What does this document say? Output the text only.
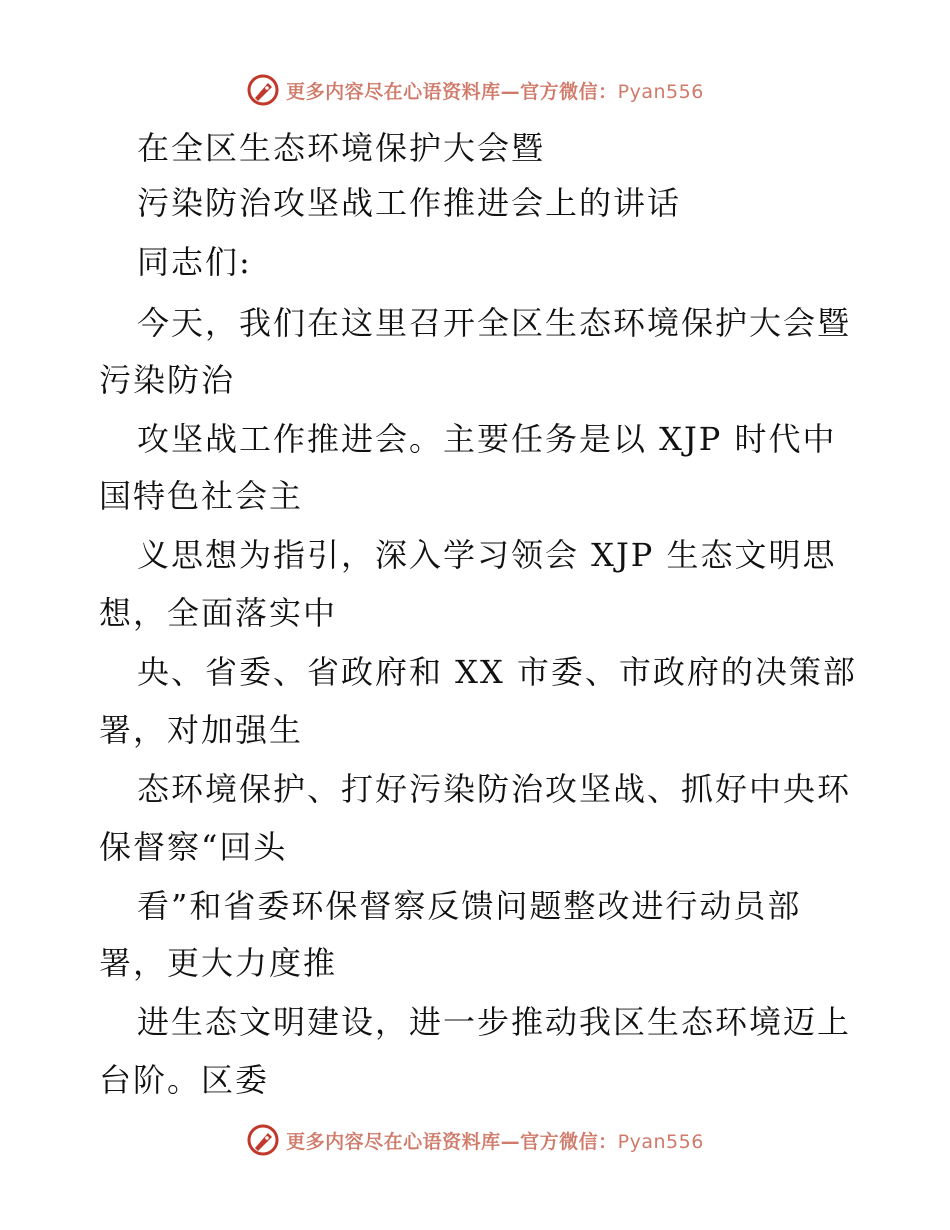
更多内容尽在心语资料库—官方微信：Pyan556
在全区生态环境保护大会暨
污染防治攻坚战工作推进会上的讲话
同志们:
今天，我们在这里召开全区生态环境保护大会暨
污染防治
攻坚战工作推进会。主要任务是以 XJP 时代中
国特色社会主
义思想为指引，深入学习领会 XJP 生态文明思
想，全面落实中
央、省委、省政府和 XX 市委、市政府的决策部
署，对加强生
态环境保护、打好污染防治攻坚战、抓好中央环
保督察“回头
看”和省委环保督察反馈问题整改进行动员部
署，更大力度推
进生态文明建设，进一步推动我区生态环境迈上
台阶。区委
更多内容尽在心语资料库—官方微信：Pyan556
